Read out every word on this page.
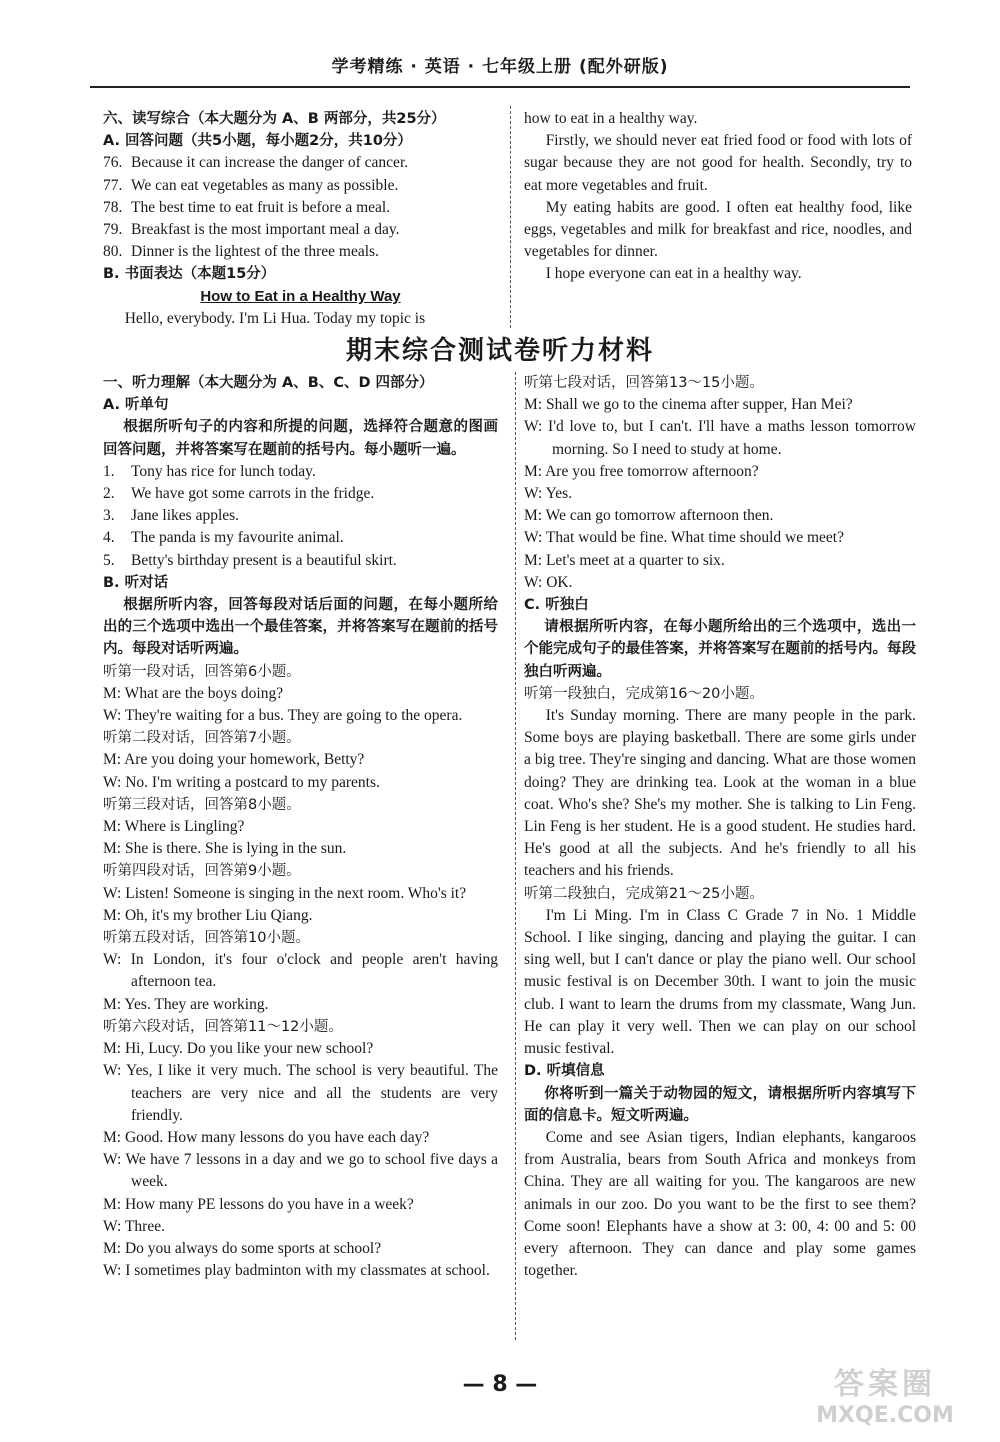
学考精练 · 英语 · 七年级上册 (配外研版)

六、读写综合（本大题分为 A、B 两部分，共25分）

A. 回答问题（共5小题，每小题2分，共10分）

76. Because it can increase the danger of cancer.

77. We can eat vegetables as many as possible.

78. The best time to eat fruit is before a meal.

79. Breakfast is the most important meal a day.

80. Dinner is the lightest of the three meals.

B. 书面表达（本题15分）

How to Eat in a Healthy Way

Hello, everybody. I'm Li Hua. Today my topic is

how to eat in a healthy way.

Firstly, we should never eat fried food or food with lots of sugar because they are not good for health. Secondly, try to eat more vegetables and fruit.

My eating habits are good. I often eat healthy food, like eggs, vegetables and milk for breakfast and rice, noodles, and vegetables for dinner.

I hope everyone can eat in a healthy way.

期末综合测试卷听力材料

一、听力理解（本大题分为 A、B、C、D 四部分）

A. 听单句

根据所听句子的内容和所提的问题，选择符合题意的图画回答问题，并将答案写在题前的括号内。每小题听一遍。

1. Tony has rice for lunch today.

2. We have got some carrots in the fridge.

3. Jane likes apples.

4. The panda is my favourite animal.

5. Betty's birthday present is a beautiful skirt.

B. 听对话

根据所听内容，回答每段对话后面的问题，在每小题所给出的三个选项中选出一个最佳答案，并将答案写在题前的括号内。每段对话听两遍。

听第一段对话，回答第6小题。

M: What are the boys doing?

W: They're waiting for a bus. They are going to the opera.

听第二段对话，回答第7小题。

M: Are you doing your homework, Betty?

W: No. I'm writing a postcard to my parents.

听第三段对话，回答第8小题。

M: Where is Lingling?

M: She is there. She is lying in the sun.

听第四段对话，回答第9小题。

W: Listen! Someone is singing in the next room. Who's it?

M: Oh, it's my brother Liu Qiang.

听第五段对话，回答第10小题。

W: In London, it's four o'clock and people aren't having afternoon tea.

M: Yes. They are working.

听第六段对话，回答第11～12小题。

M: Hi, Lucy. Do you like your new school?

W: Yes, I like it very much. The school is very beautiful. The teachers are very nice and all the students are very friendly.

M: Good. How many lessons do you have each day?

W: We have 7 lessons in a day and we go to school five days a week.

M: How many PE lessons do you have in a week?

W: Three.

M: Do you always do some sports at school?

W: I sometimes play badminton with my classmates at school.

听第七段对话，回答第13～15小题。

M: Shall we go to the cinema after supper, Han Mei?

W: I'd love to, but I can't. I'll have a maths lesson tomorrow morning. So I need to study at home.

M: Are you free tomorrow afternoon?

W: Yes.

M: We can go tomorrow afternoon then.

W: That would be fine. What time should we meet?

M: Let's meet at a quarter to six.

W: OK.

C. 听独白

请根据所听内容，在每小题所给出的三个选项中，选出一个能完成句子的最佳答案，并将答案写在题前的括号内。每段独白听两遍。

听第一段独白，完成第16～20小题。

It's Sunday morning. There are many people in the park. Some boys are playing basketball. There are some girls under a big tree. They're singing and dancing. What are those women doing? They are drinking tea. Look at the woman in a blue coat. Who's she? She's my mother. She is talking to Lin Feng. Lin Feng is her student. He is a good student. He studies hard. He's good at all the subjects. And he's friendly to all his teachers and his friends.

听第二段独白，完成第21～25小题。

I'm Li Ming. I'm in Class C Grade 7 in No. 1 Middle School. I like singing, dancing and playing the guitar. I can sing well, but I can't dance or play the piano well. Our school music festival is on December 30th. I want to join the music club. I want to learn the drums from my classmate, Wang Jun. He can play it very well. Then we can play on our school music festival.

D. 听填信息

你将听到一篇关于动物园的短文，请根据所听内容填写下面的信息卡。短文听两遍。

Come and see Asian tigers, Indian elephants, kangaroos from Australia, bears from South Africa and monkeys from China. They are all waiting for you. The kangaroos are new animals in our zoo. Do you want to be the first to see them? Come soon! Elephants have a show at 3: 00, 4: 00 and 5: 00 every afternoon. They can dance and play some games together.

— 8 —	答案圈
MXQE.COM
